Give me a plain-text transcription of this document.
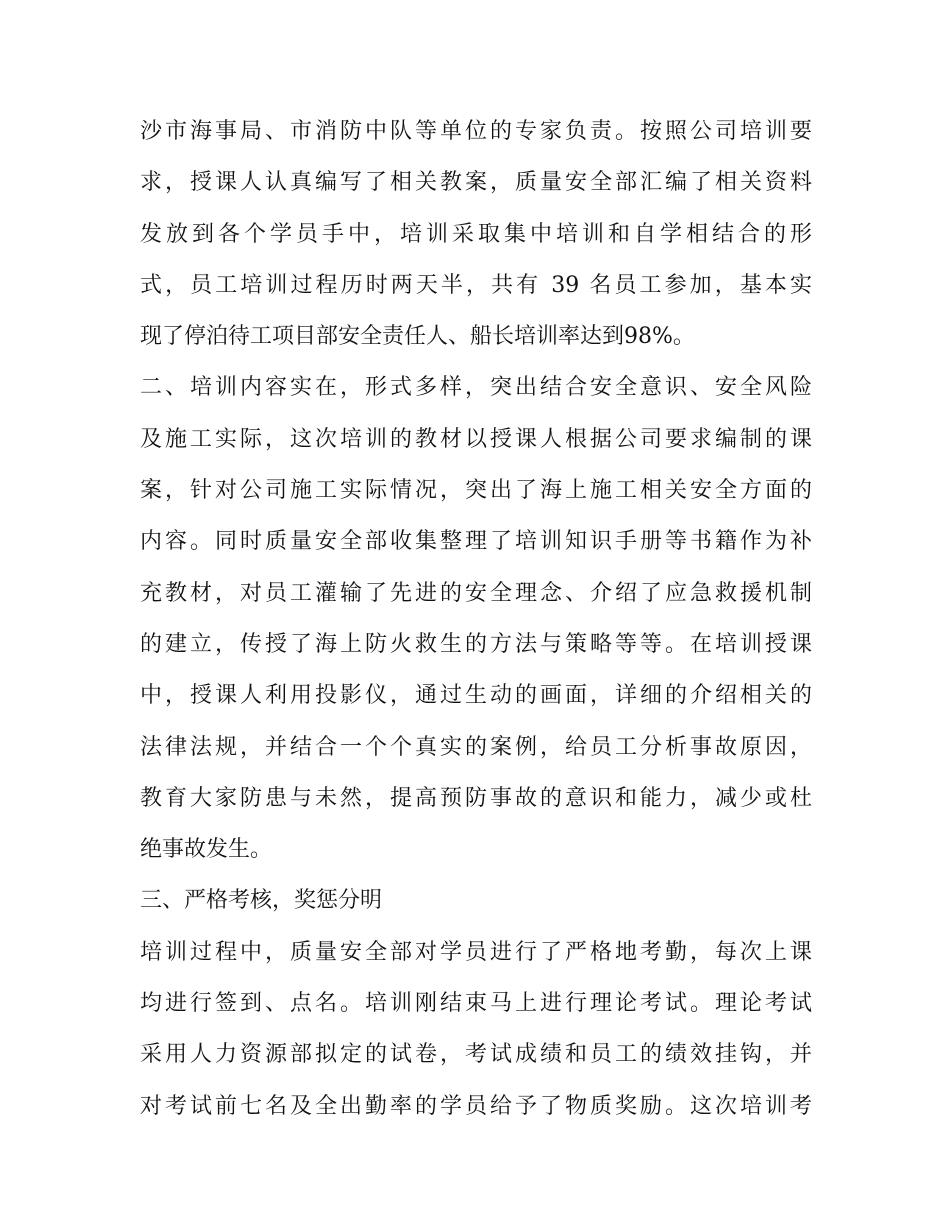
沙市海事局、市消防中队等单位的专家负责。按照公司培训要
求，授课人认真编写了相关教案，质量安全部汇编了相关资料
发放到各个学员手中，培训采取集中培训和自学相结合的形
式，员工培训过程历时两天半，共有 39 名员工参加，基本实
现了停泊待工项目部安全责任人、船长培训率达到98%。
二、培训内容实在，形式多样，突出结合安全意识、安全风险
及施工实际，这次培训的教材以授课人根据公司要求编制的课
案，针对公司施工实际情况，突出了海上施工相关安全方面的
内容。同时质量安全部收集整理了培训知识手册等书籍作为补
充教材，对员工灌输了先进的安全理念、介绍了应急救援机制
的建立，传授了海上防火救生的方法与策略等等。在培训授课
中，授课人利用投影仪，通过生动的画面，详细的介绍相关的
法律法规，并结合一个个真实的案例，给员工分析事故原因，
教育大家防患与未然，提高预防事故的意识和能力，减少或杜
绝事故发生。
三、严格考核，奖惩分明
培训过程中，质量安全部对学员进行了严格地考勤，每次上课
均进行签到、点名。培训刚结束马上进行理论考试。理论考试
采用人力资源部拟定的试卷，考试成绩和员工的绩效挂钩，并
对考试前七名及全出勤率的学员给予了物质奖励。这次培训考
